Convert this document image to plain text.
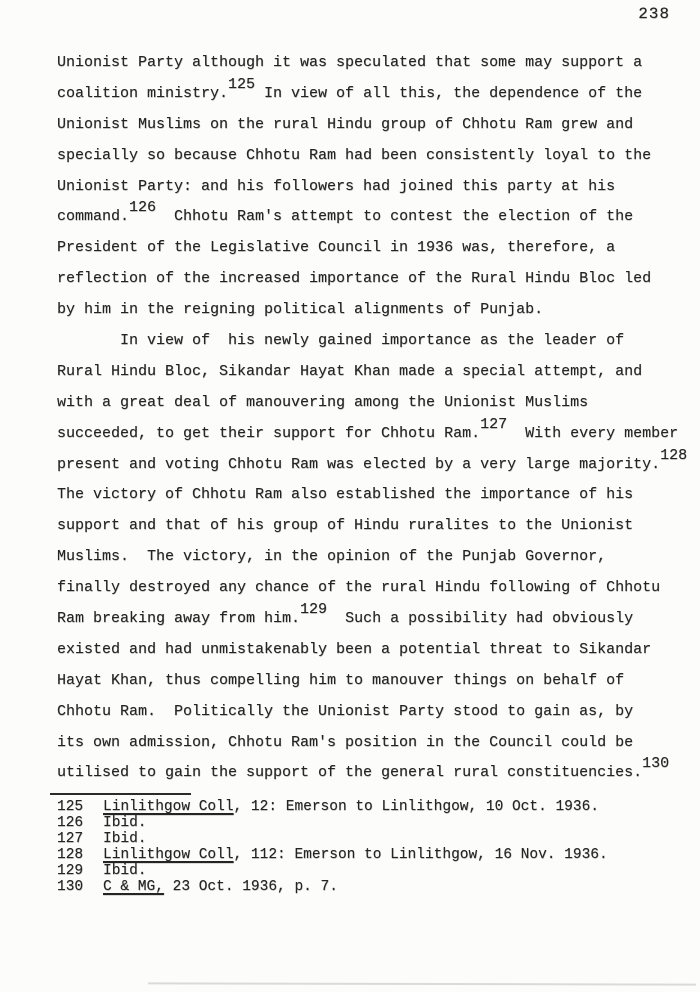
238
Unionist Party although it was speculated that some may support a
coalition ministry.125 In view of all this, the dependence of the
Unionist Muslims on the rural Hindu group of Chhotu Ram grew and
specially so because Chhotu Ram had been consistently loyal to the
Unionist Party: and his followers had joined this party at his
command.126  Chhotu Ram's attempt to contest the election of the
President of the Legislative Council in 1936 was, therefore, a
reflection of the increased importance of the Rural Hindu Bloc led
by him in the reigning political alignments of Punjab.
In view of  his newly gained importance as the leader of
Rural Hindu Bloc, Sikandar Hayat Khan made a special attempt, and
with a great deal of manouvering among the Unionist Muslims
succeeded, to get their support for Chhotu Ram.127  With every member
present and voting Chhotu Ram was elected by a very large majority.128
The victory of Chhotu Ram also established the importance of his
support and that of his group of Hindu ruralites to the Unionist
Muslims.  The victory, in the opinion of the Punjab Governor,
finally destroyed any chance of the rural Hindu following of Chhotu
Ram breaking away from him.129  Such a possibility had obviously
existed and had unmistakenably been a potential threat to Sikandar
Hayat Khan, thus compelling him to manouver things on behalf of
Chhotu Ram.  Politically the Unionist Party stood to gain as, by
its own admission, Chhotu Ram's position in the Council could be
utilised to gain the support of the general rural constituencies.130
125	Linlithgow Coll, 12: Emerson to Linlithgow, 10 Oct. 1936.
126	Ibid.
127	Ibid.
128	Linlithgow Coll, 112: Emerson to Linlithgow, 16 Nov. 1936.
129	Ibid.
130	C & MG, 23 Oct. 1936, p. 7.
